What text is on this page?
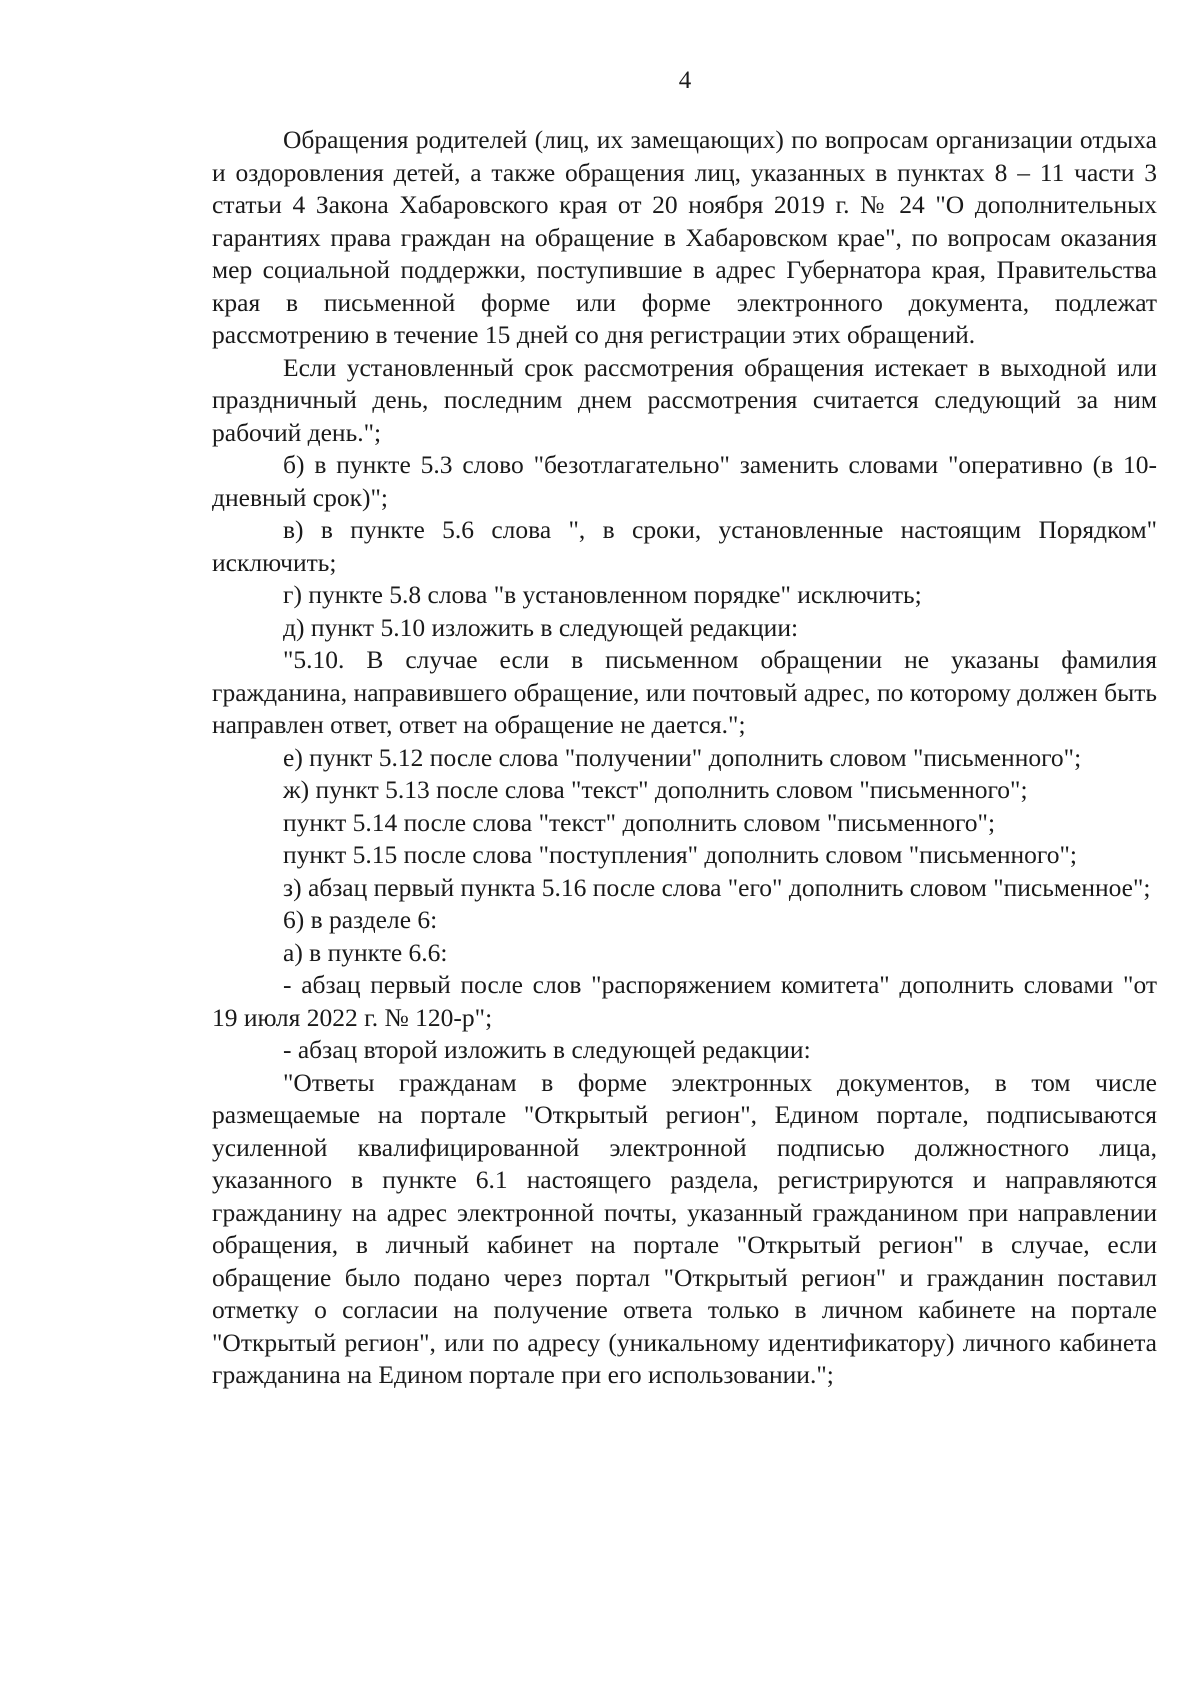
4

Обращения родителей (лиц, их замещающих) по вопросам организации отдыха и оздоровления детей, а также обращения лиц, указанных в пунктах 8 – 11 части 3 статьи 4 Закона Хабаровского края от 20 ноября 2019 г. № 24 "О дополнительных гарантиях права граждан на обращение в Хабаровском крае", по вопросам оказания мер социальной поддержки, поступившие в адрес Губернатора края, Правительства края в письменной форме или форме электронного документа, подлежат рассмотрению в течение 15 дней со дня регистрации этих обращений.

Если установленный срок рассмотрения обращения истекает в выходной или праздничный день, последним днем рассмотрения считается следующий за ним рабочий день.";

б) в пункте 5.3 слово "безотлагательно" заменить словами "оперативно (в 10-дневный срок)";

в) в пункте 5.6 слова ", в сроки, установленные настоящим Порядком" исключить;

г) пункте 5.8 слова "в установленном порядке" исключить;

д) пункт 5.10 изложить в следующей редакции:

"5.10. В случае если в письменном обращении не указаны фамилия гражданина, направившего обращение, или почтовый адрес, по которому должен быть направлен ответ, ответ на обращение не дается.";

е) пункт 5.12 после слова "получении" дополнить словом "письменного";

ж) пункт 5.13 после слова "текст" дополнить словом "письменного";

пункт 5.14 после слова "текст" дополнить словом "письменного";

пункт 5.15 после слова "поступления" дополнить словом "письменного";

з) абзац первый пункта 5.16 после слова "его" дополнить словом "письменное";

6) в разделе 6:

а) в пункте 6.6:

- абзац первый после слов "распоряжением комитета" дополнить словами "от 19 июля 2022 г. № 120-р";

- абзац второй изложить в следующей редакции:

"Ответы гражданам в форме электронных документов, в том числе размещаемые на портале "Открытый регион", Едином портале, подписываются усиленной квалифицированной электронной подписью должностного лица, указанного в пункте 6.1 настоящего раздела, регистрируются и направляются гражданину на адрес электронной почты, указанный гражданином при направлении обращения, в личный кабинет на портале "Открытый регион" в случае, если обращение было подано через портал "Открытый регион" и гражданин поставил отметку о согласии на получение ответа только в личном кабинете на портале "Открытый регион", или по адресу (уникальному идентификатору) личного кабинета гражданина на Едином портале при его использовании.";
